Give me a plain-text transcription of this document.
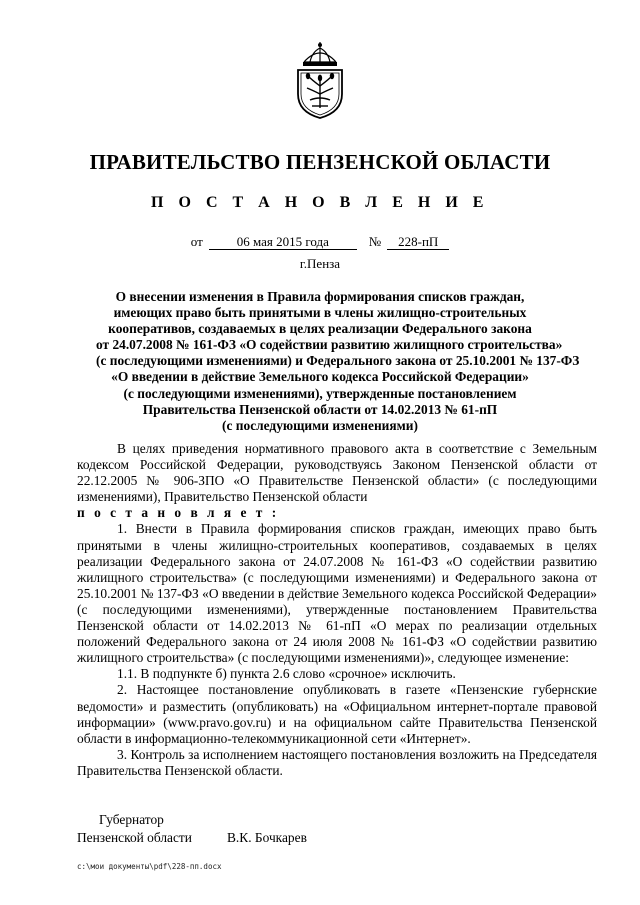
ПРАВИТЕЛЬСТВО ПЕНЗЕНСКОЙ ОБЛАСТИ
П О С Т А Н О В Л Е Н И Е
от	06 мая 2015 года	№	228-пП
г.Пенза
О внесении изменения в Правила формирования списков граждан,
имеющих право быть принятыми в члены жилищно-строительных
кооперативов, создаваемых в целях реализации Федерального закона
от 24.07.2008 № 161-ФЗ «О содействии развитию жилищного строительства»
(с последующими изменениями) и Федерального закона от 25.10.2001 № 137-ФЗ
«О введении в действие Земельного кодекса Российской Федерации»
(с последующими изменениями), утвержденные постановлением
Правительства Пензенской области от 14.02.2013 № 61-пП
(с последующими изменениями)

В целях приведения нормативного правового акта в соответствие с Земельным кодексом Российской Федерации, руководствуясь Законом Пензенской области от 22.12.2005 № 906-ЗПО «О Правительстве Пензенской области» (с последующими изменениями), Правительство Пензенской области

п о с т а н о в л я е т :

1. Внести в Правила формирования списков граждан, имеющих право быть принятыми в члены жилищно-строительных кооперативов, создаваемых в целях реализации Федерального закона от 24.07.2008 № 161-ФЗ «О содействии развитию жилищного строительства» (с последующими изменениями) и Федерального закона от 25.10.2001 № 137-ФЗ «О введении в действие Земельного кодекса Российской Федерации» (с последующими изменениями), утвержденные постановлением Правительства Пензенской области от 14.02.2013 № 61-пП «О мерах по реализации отдельных положений Федерального закона от 24 июля 2008 № 161-ФЗ «О содействии развитию жилищного строительства» (с последующими изменениями)», следующее изменение:

1.1. В подпункте б) пункта 2.6 слово «срочное» исключить.

2. Настоящее постановление опубликовать в газете «Пензенские губернские ведомости» и разместить (опубликовать) на «Официальном интернет-портале правовой информации» (www.pravo.gov.ru) и на официальном сайте Правительства Пензенской области в информационно-телекоммуникационной сети «Интернет».

3. Контроль за исполнением настоящего постановления возложить на Председателя Правительства Пензенской области.

Губернатор
Пензенской области	В.К. Бочкарев
c:\мои документы\pdf\228-пп.docx
